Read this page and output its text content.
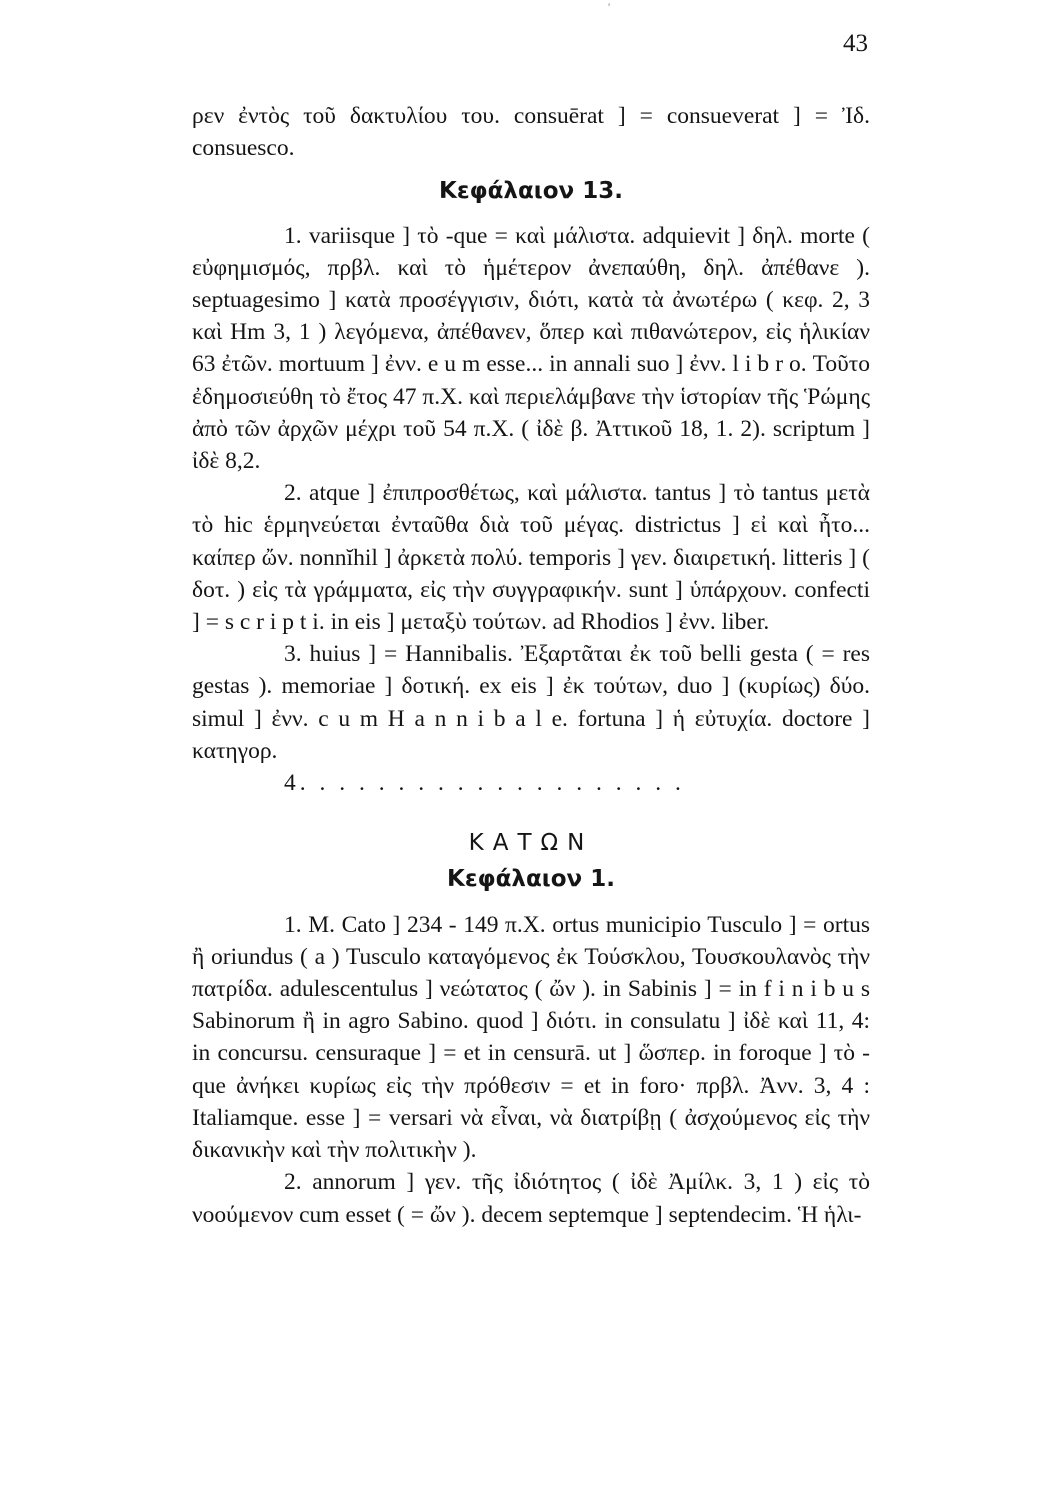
'
43

ρεν ἐντὸς τοῦ δακτυλίου του. consuērat ] = consueverat ] = Ἰδ. consuesco.

Κεφάλαιον 13.

1. variisque ] τὸ -que = καὶ μάλιστα. adquievit ] δηλ. morte ( εὐφημισμός, πρβλ. καὶ τὸ ἡμέτερον ἀνεπαύθη, δηλ. ἀπέθανε ). septuagesimo ] κατὰ προσέγγισιν, διότι, κατὰ τὰ ἀνωτέρω ( κεφ. 2, 3 καὶ Hm 3, 1 ) λεγόμενα, ἀπέθανεν, ὅπερ καὶ πιθανώτερον, εἰς ἡλικίαν 63 ἐτῶν. mortuum ] ἐνν. e u m esse... in annali suo ] ἐνν. l i b r o. Τοῦτο ἐδημοσιεύθη τὸ ἔτος 47 π.Χ. καὶ περιελάμβανε τὴν ἱστορίαν τῆς Ῥώμης ἀπὸ τῶν ἀρχῶν μέχρι τοῦ 54 π.Χ. ( ἰδὲ β. Ἀττικοῦ 18, 1. 2). scriptum ] ἰδὲ 8,2.

2. atque ] ἐπιπροσθέτως, καὶ μάλιστα. tantus ] τὸ tantus μετὰ τὸ hic ἑρμηνεύεται ἐνταῦθα διὰ τοῦ μέγας. districtus ] εἰ καὶ ἦτο... καίπερ ὤν. nonnĭhil ] ἀρκετὰ πολύ. temporis ] γεν. διαιρετική. litteris ] ( δοτ. ) εἰς τὰ γράμματα, εἰς τὴν συγγραφικήν. sunt ] ὑπάρχουν. confecti ] = s c r i p t i. in eis ] μεταξὺ τούτων. ad Rhodios ] ἐνν. liber.

3. huius ] = Hannibalis. Ἐξαρτᾶται ἐκ τοῦ belli gesta ( = res gestas ). memoriae ] δοτική. ex eis ] ἐκ τούτων, duo ] (κυρίως) δύο. simul ] ἐνν. c u m H a n n i b a l e. fortuna ] ἡ εὐτυχία. doctore ] κατηγορ.

4. . . . . . . . . . . . . . . . . . . .

ΚΑΤΩΝ
Κεφάλαιον 1.

1. M. Cato ] 234 - 149 π.Χ. ortus municipio Tusculo ] = ortus ἢ oriundus ( a ) Tusculo καταγόμενος ἐκ Τούσκλου, Τουσκουλανὸς τὴν πατρίδα. adulescentulus ] νεώτατος ( ὤν ). in Sabinis ] = in f i n i b u s Sabinorum ἢ in agro Sabino. quod ] διότι. in consulatu ] ἰδὲ καὶ 11, 4: in concursu. censuraque ] = et in censurā. ut ] ὥσπερ. in foroque ] τὸ - que ἀνήκει κυρίως εἰς τὴν πρόθεσιν = et in foro· πρβλ. Ἀνν. 3, 4 : Italiamque. esse ] = versari νὰ εἶναι, νὰ διατρίβῃ ( ἀσχούμενος εἰς τὴν δικανικὴν καὶ τὴν πολιτικὴν ).

2. annorum ] γεν. τῆς ἰδιότητος ( ἰδὲ Ἀμίλκ. 3, 1 ) εἰς τὸ νοούμενον cum esset ( = ὤν ). decem septemque ] septendecim. Ἡ ἡλι-
